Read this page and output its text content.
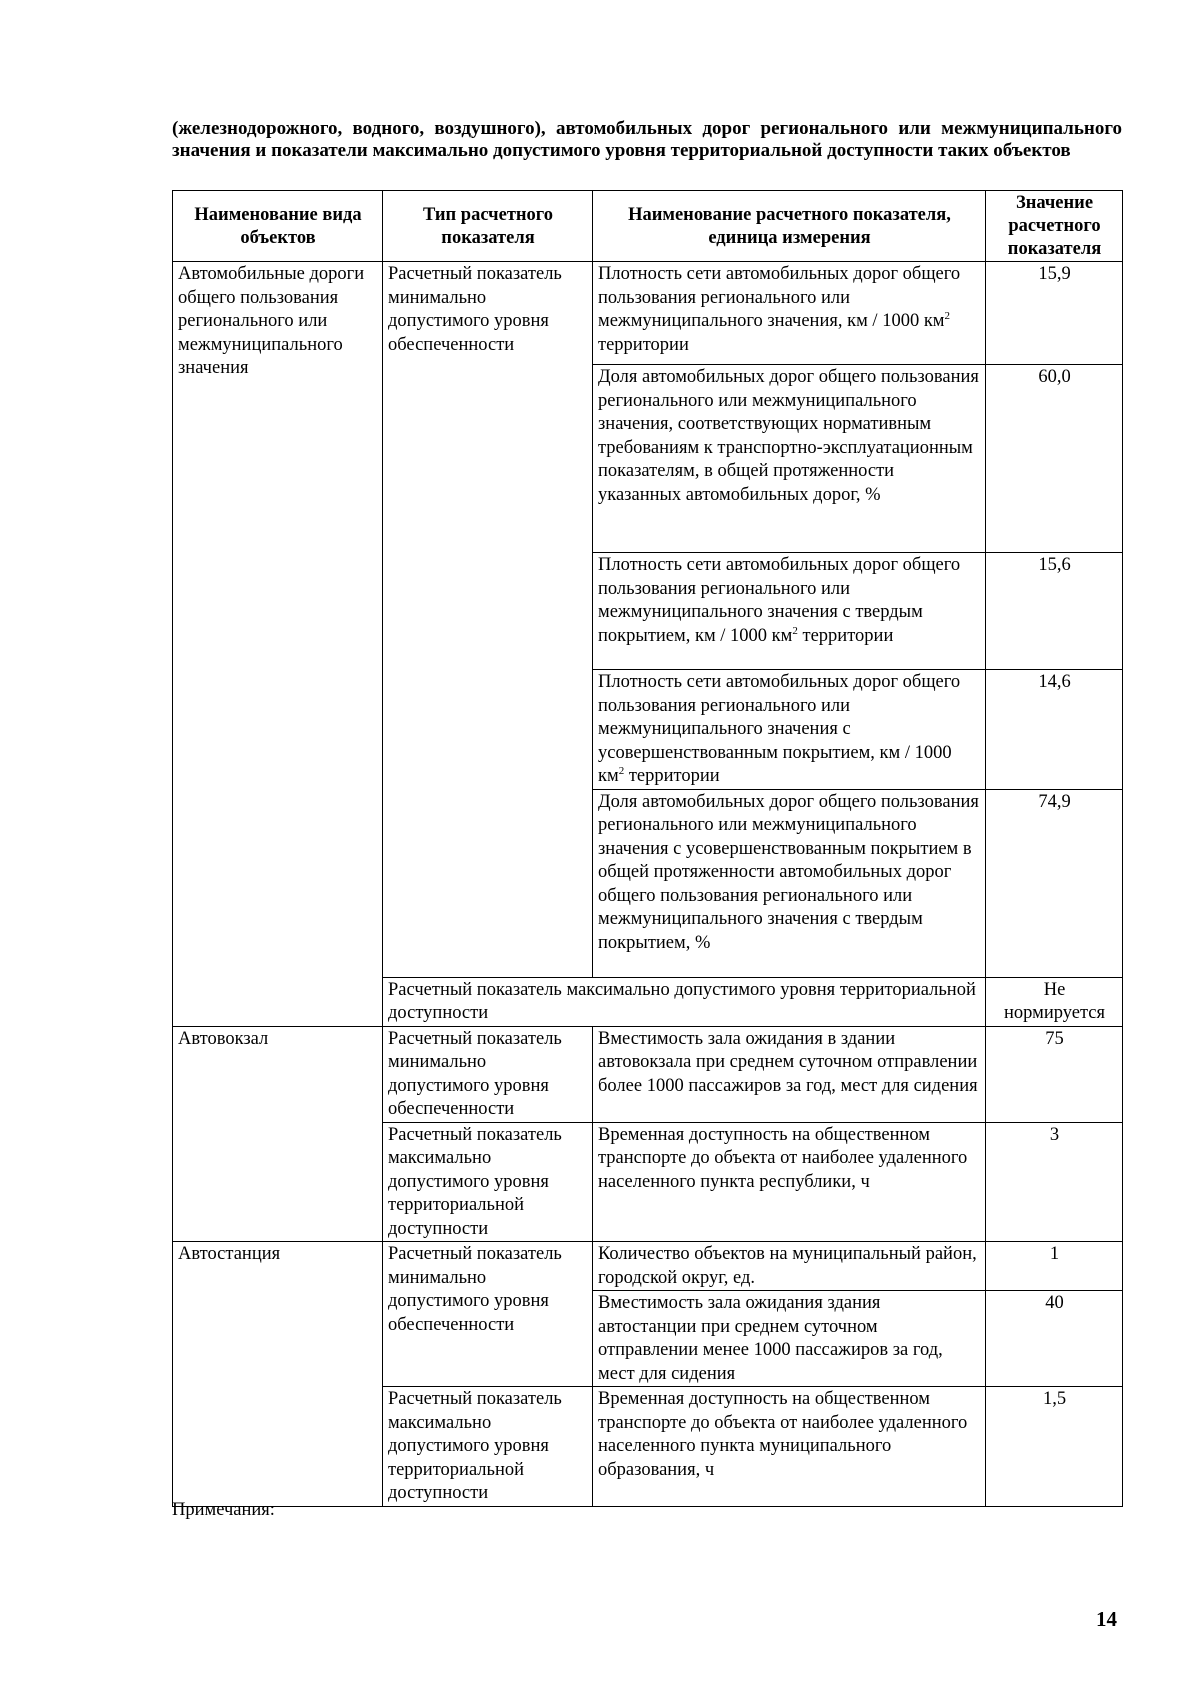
(железнодорожного, водного, воздушного), автомобильных дорог регионального или межмуниципального значения и показатели максимально допустимого уровня территориальной доступности таких объектов
Наименование вида объектов	Тип расчетного показателя	Наименование расчетного показателя, единица измерения	Значение расчетного показателя
Автомобильные дороги общего пользования регионального или межмуниципального значения	Расчетный показатель минимально допустимого уровня обеспеченности	Плотность сети автомобильных дорог общего пользования регионального или межмуниципального значения, км / 1000 $км^2$ территории	15,9
		Доля автомобильных дорог общего пользования регионального или межмуниципального значения, соответствующих нормативным требованиям к транспортно-эксплуатационным показателям, в общей протяженности указанных автомобильных дорог, %	60,0
		Плотность сети автомобильных дорог общего пользования регионального или межмуниципального значения с твердым покрытием, км / 1000 $км^2$ территории	15,6
		Плотность сети автомобильных дорог общего пользования регионального или межмуниципального значения с усовершенствованным покрытием, км / 1000 $км^2$ территории	14,6
		Доля автомобильных дорог общего пользования регионального или межмуниципального значения с усовершенствованным покрытием в общей протяженности автомобильных дорог общего пользования регионального или межмуниципального значения с твердым покрытием, %	74,9
	Расчетный показатель максимально допустимого уровня территориальной доступности		Не нормируется
Автовокзал	Расчетный показатель минимально допустимого уровня обеспеченности	Вместимость зала ожидания в здании автовокзала при среднем суточном отправлении более 1000 пассажиров за год, мест для сидения	75
	Расчетный показатель максимально допустимого уровня территориальной доступности	Временная доступность на общественном транспорте до объекта от наиболее удаленного населенного пункта республики, ч	3
Автостанция	Расчетный показатель минимально допустимого уровня обеспеченности	Количество объектов на муниципальный район, городской округ, ед.	1
		Вместимость зала ожидания здания автостанции при среднем суточном отправлении менее 1000 пассажиров за год, мест для сидения	40
	Расчетный показатель максимально допустимого уровня территориальной доступности	Временная доступность на общественном транспорте до объекта от наиболее удаленного населенного пункта муниципального образования, ч	1,5
Примечания:
14
